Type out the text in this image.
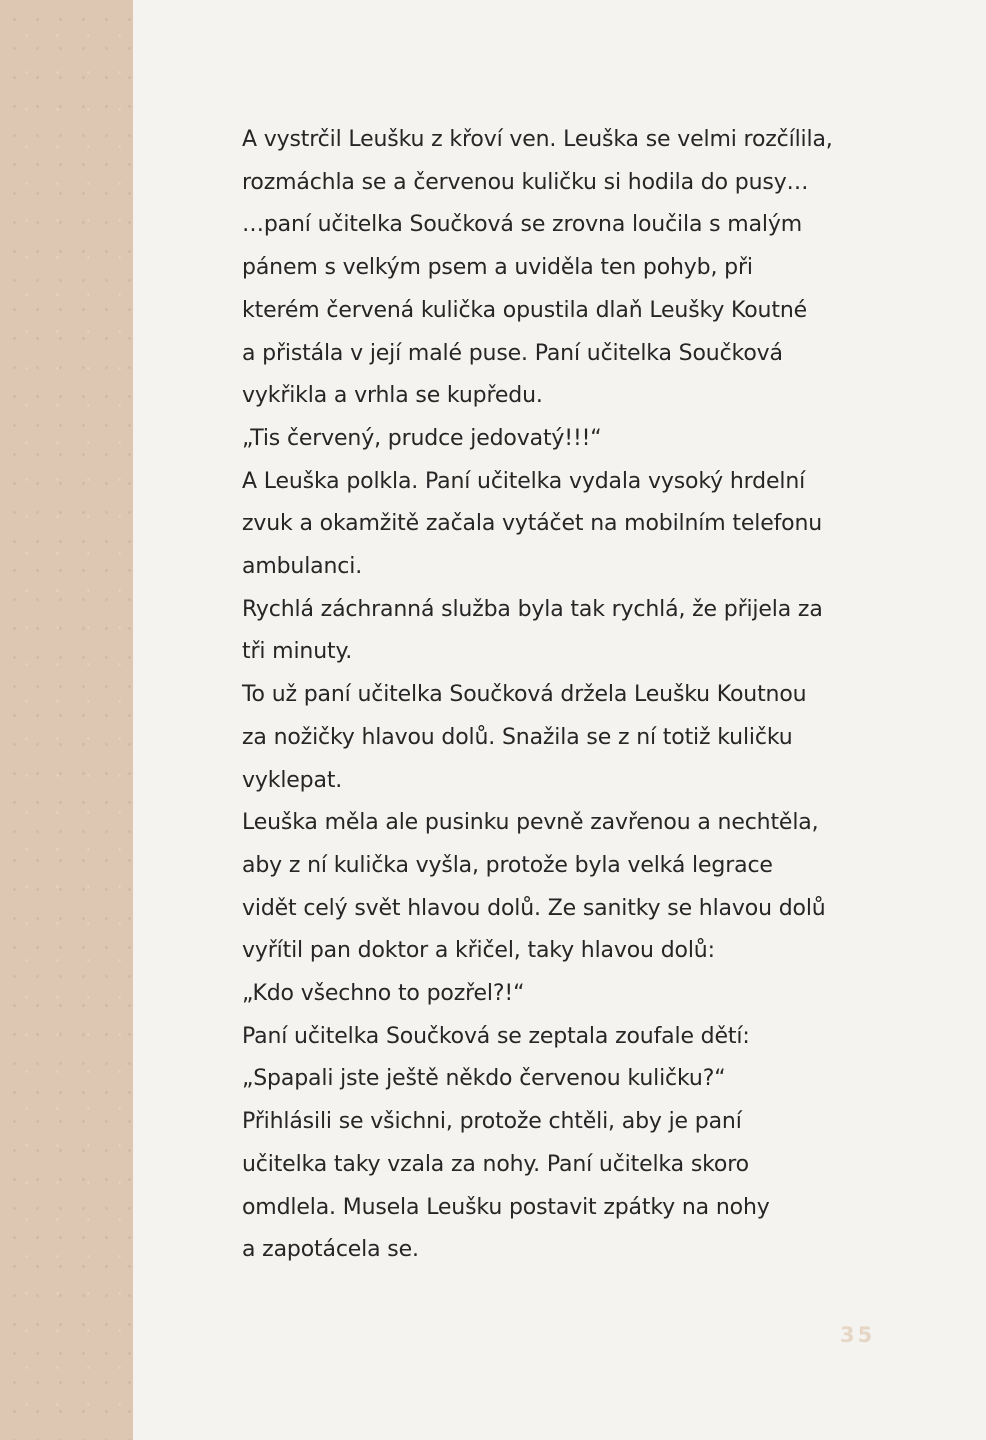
A vystrčil Leušku z křoví ven. Leuška se velmi rozčílila,
rozmáchla se a červenou kuličku si hodila do pusy…
…paní učitelka Součková se zrovna loučila s malým
pánem s velkým psem a uviděla ten pohyb, při
kterém červená kulička opustila dlaň Leušky Koutné
a přistála v její malé puse. Paní učitelka Součková
vykřikla a vrhla se kupředu.
„Tis červený, prudce jedovatý!!!“
A Leuška polkla. Paní učitelka vydala vysoký hrdelní
zvuk a okamžitě začala vytáčet na mobilním telefonu
ambulanci.
Rychlá záchranná služba byla tak rychlá, že přijela za
tři minuty.
To už paní učitelka Součková držela Leušku Koutnou
za nožičky hlavou dolů. Snažila se z ní totiž kuličku
vyklepat.
Leuška měla ale pusinku pevně zavřenou a nechtěla,
aby z ní kulička vyšla, protože byla velká legrace
vidět celý svět hlavou dolů. Ze sanitky se hlavou dolů
vyřítil pan doktor a křičel, taky hlavou dolů:
„Kdo všechno to pozřel?!“
Paní učitelka Součková se zeptala zoufale dětí:
„Spapali jste ještě někdo červenou kuličku?“
Přihlásili se všichni, protože chtěli, aby je paní
učitelka taky vzala za nohy. Paní učitelka skoro
omdlela. Musela Leušku postavit zpátky na nohy
a zapotácela se.

35
